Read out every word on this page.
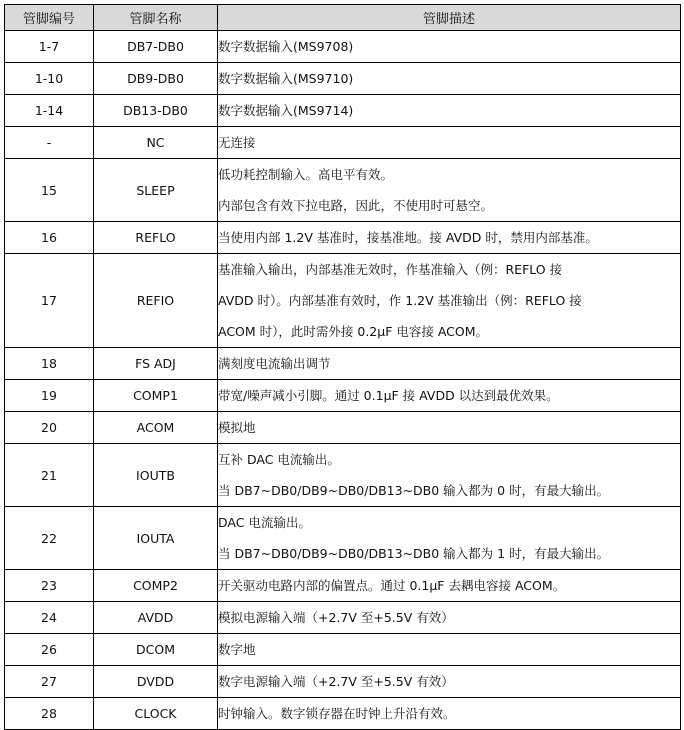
管脚编号	管脚名称	管脚描述
1-7	DB7-DB0	数字数据输入(MS9708)

1-10	DB9-DB0	数字数据输入(MS9710)

1-14	DB13-DB0	数字数据输入(MS9714)

-	NC	无连接

15	SLEEP	低功耗控制输入。高电平有效。
内部包含有效下拉电路，因此，不使用时可悬空。

16	REFLO	当使用内部 1.2V 基准时，接基准地。接 AVDD 时，禁用内部基准。

17	REFIO	基准输入输出，内部基准无效时，作基准输入（例：REFLO 接
AVDD 时）。内部基准有效时，作 1.2V 基准输出（例：REFLO 接
ACOM 时），此时需外接 0.2μF 电容接 ACOM。

18	FS ADJ	满刻度电流输出调节

19	COMP1	带宽/噪声减小引脚。通过 0.1μF 接 AVDD 以达到最优效果。

20	ACOM	模拟地

21	IOUTB	互补 DAC 电流输出。
当 DB7~DB0/DB9~DB0/DB13~DB0 输入都为 0 时，有最大输出。

22	IOUTA	DAC 电流输出。
当 DB7~DB0/DB9~DB0/DB13~DB0 输入都为 1 时，有最大输出。

23	COMP2	开关驱动电路内部的偏置点。通过 0.1μF 去耦电容接 ACOM。

24	AVDD	模拟电源输入端（+2.7V 至+5.5V 有效）

26	DCOM	数字地

27	DVDD	数字电源输入端（+2.7V 至+5.5V 有效）

28	CLOCK	时钟输入。数字锁存器在时钟上升沿有效。
